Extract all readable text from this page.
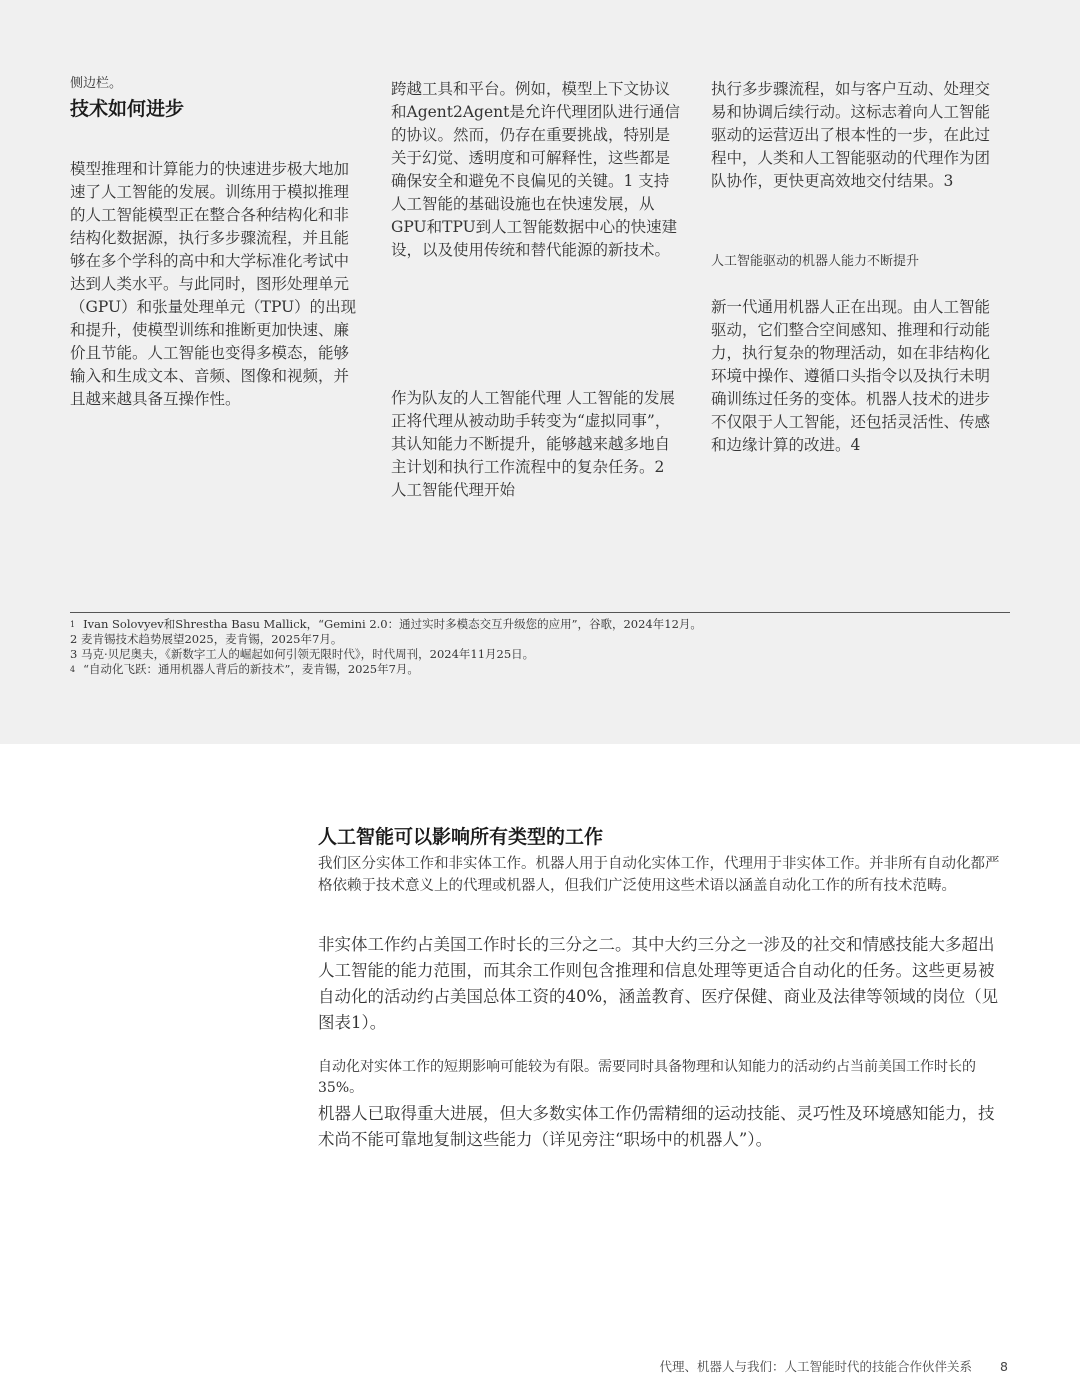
侧边栏。
技术如何进步

模型推理和计算能力的快速进步极大地加速了人工智能的发展。训练用于模拟推理的人工智能模型正在整合各种结构化和非结构化数据源，执行多步骤流程，并且能够在多个学科的高中和大学标准化考试中达到人类水平。与此同时，图形处理单元（GPU）和张量处理单元（TPU）的出现和提升，使模型训练和推断更加快速、廉价且节能。人工智能也变得多模态，能够输入和生成文本、音频、图像和视频，并且越来越具备互操作性。

跨越工具和平台。例如，模型上下文协议和Agent2Agent是允许代理团队进行通信的协议。然而，仍存在重要挑战，特别是关于幻觉、透明度和可解释性，这些都是确保安全和避免不良偏见的关键。1 支持人工智能的基础设施也在快速发展，从GPU和TPU到人工智能数据中心的快速建设，以及使用传统和替代能源的新技术。

作为队友的人工智能代理 人工智能的发展正将代理从被动助手转变为“虚拟同事”，其认知能力不断提升，能够越来越多地自主计划和执行工作流程中的复杂任务。2 人工智能代理开始

执行多步骤流程，如与客户互动、处理交易和协调后续行动。这标志着向人工智能驱动的运营迈出了根本性的一步，在此过程中，人类和人工智能驱动的代理作为团队协作，更快更高效地交付结果。3

人工智能驱动的机器人能力不断提升

新一代通用机器人正在出现。由人工智能驱动，它们整合空间感知、推理和行动能力，执行复杂的物理活动，如在非结构化环境中操作、遵循口头指令以及执行未明确训练过任务的变体。机器人技术的进步不仅限于人工智能，还包括灵活性、传感和边缘计算的改进。4

$^1$ Ivan Solovyev和Shrestha Basu Mallick，“Gemini 2.0：通过实时多模态交互升级您的应用”，谷歌，2024年12月。

2 麦肯锡技术趋势展望2025，麦肯锡，2025年7月。

3 马克·贝尼奥夫，《新数字工人的崛起如何引领无限时代》，时代周刊，2024年11月25日。

$^4$ “自动化飞跃：通用机器人背后的新技术”，麦肯锡，2025年7月。

人工智能可以影响所有类型的工作

我们区分实体工作和非实体工作。机器人用于自动化实体工作，代理用于非实体工作。并非所有自动化都严格依赖于技术意义上的代理或机器人，但我们广泛使用这些术语以涵盖自动化工作的所有技术范畴。

非实体工作约占美国工作时长的三分之二。其中大约三分之一涉及的社交和情感技能大多超出人工智能的能力范围，而其余工作则包含推理和信息处理等更适合自动化的任务。这些更易被自动化的活动约占美国总体工资的40%，涵盖教育、医疗保健、商业及法律等领域的岗位（见图表1）。

自动化对实体工作的短期影响可能较为有限。需要同时具备物理和认知能力的活动约占当前美国工作时长的35%。

机器人已取得重大进展，但大多数实体工作仍需精细的运动技能、灵巧性及环境感知能力，技术尚不能可靠地复制这些能力（详见旁注“职场中的机器人”）。

代理、机器人与我们：人工智能时代的技能合作伙伴关系 8
